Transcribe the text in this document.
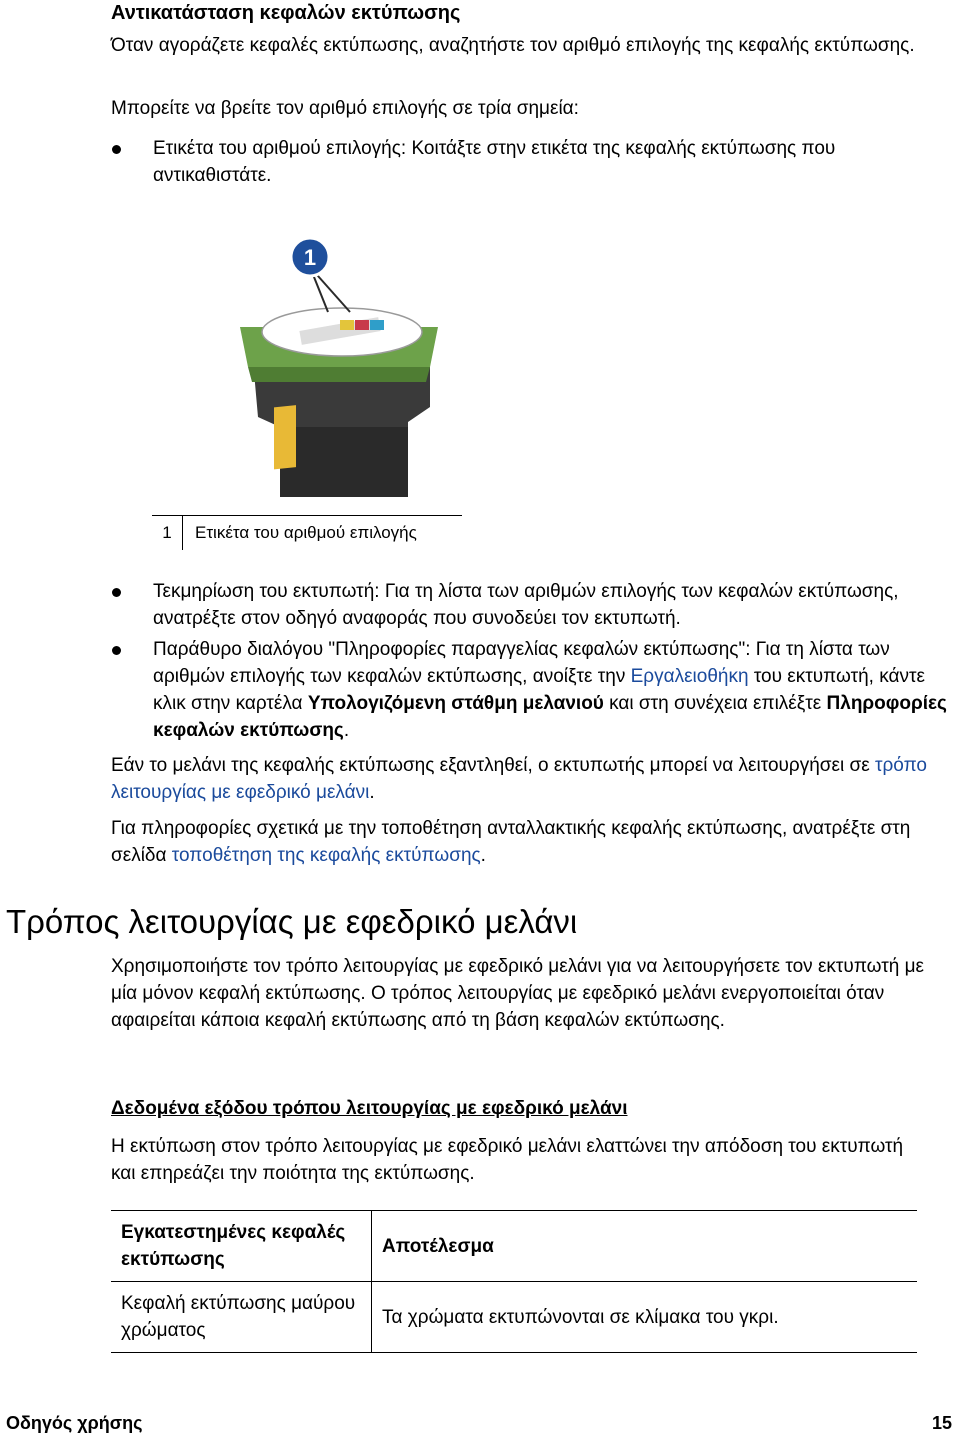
Αντικατάσταση κεφαλών εκτύπωσης

Όταν αγοράζετε κεφαλές εκτύπωσης, αναζητήστε τον αριθμό επιλογής της κεφαλής εκτύπωσης.

Μπορείτε να βρείτε τον αριθμό επιλογής σε τρία σημεία:

Ετικέτα του αριθμού επιλογής: Κοιτάξτε στην ετικέτα της κεφαλής εκτύπωσης που αντικαθιστάτε.
1
1	Ετικέτα του αριθμού επιλογής
Τεκμηρίωση του εκτυπωτή: Για τη λίστα των αριθμών επιλογής των κεφαλών εκτύπωσης, ανατρέξτε στον οδηγό αναφοράς που συνοδεύει τον εκτυπωτή.
Παράθυρο διαλόγου "Πληροφορίες παραγγελίας κεφαλών εκτύπωσης": Για τη λίστα των αριθμών επιλογής των κεφαλών εκτύπωσης, ανοίξτε την Εργαλειοθήκη του εκτυπωτή, κάντε κλικ στην καρτέλα Υπολογιζόμενη στάθμη μελανιού και στη συνέχεια επιλέξτε Πληροφορίες κεφαλών εκτύπωσης.

Εάν το μελάνι της κεφαλής εκτύπωσης εξαντληθεί, ο εκτυπωτής μπορεί να λειτουργήσει σε τρόπο λειτουργίας με εφεδρικό μελάνι.

Για πληροφορίες σχετικά με την τοποθέτηση ανταλλακτικής κεφαλής εκτύπωσης, ανατρέξτε στη σελίδα τοποθέτηση της κεφαλής εκτύπωσης.

Τρόπος λειτουργίας με εφεδρικό μελάνι

Χρησιμοποιήστε τον τρόπο λειτουργίας με εφεδρικό μελάνι για να λειτουργήσετε τον εκτυπωτή με μία μόνον κεφαλή εκτύπωσης. Ο τρόπος λειτουργίας με εφεδρικό μελάνι ενεργοποιείται όταν αφαιρείται κάποια κεφαλή εκτύπωσης από τη βάση κεφαλών εκτύπωσης.

Δεδομένα εξόδου τρόπου λειτουργίας με εφεδρικό μελάνι

Η εκτύπωση στον τρόπο λειτουργίας με εφεδρικό μελάνι ελαττώνει την απόδοση του εκτυπωτή και επηρεάζει την ποιότητα της εκτύπωσης.

Εγκατεστημένες κεφαλές εκτύπωσης	Αποτέλεσμα
Κεφαλή εκτύπωσης μαύρου χρώματος	Τα χρώματα εκτυπώνονται σε κλίμακα του γκρι.
Οδηγός χρήσης	15
